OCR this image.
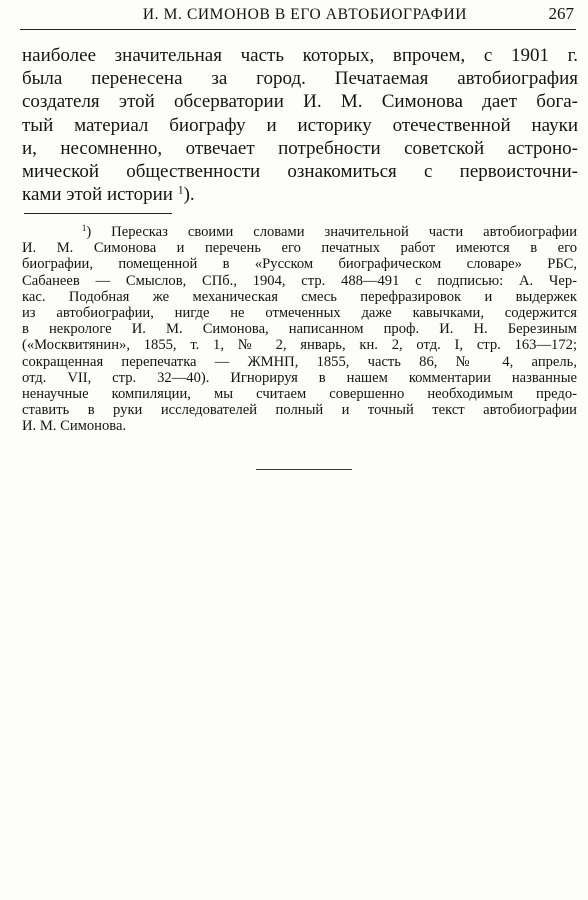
И. М. СИМОНОВ В ЕГО АВТОБИОГРАФИИ	267
наиболее значительная часть которых, впрочем, с 1901 г.
была перенесена за город. Печатаемая автобиография
создателя этой обсерватории И. М. Симонова дает бога-
тый материал биографу и историку отечественной науки
и, несомненно, отвечает потребности советской астроно-
мической общественности ознакомиться с первоисточни-
ками этой истории $^1$).
$^1$) Пересказ своими словами значительной части автобиографии
И. М. Симонова и перечень его печатных работ имеются в его
биографии, помещенной в «Русском биографическом словаре» РБС,
Сабанеев — Смыслов, СПб., 1904, стр. 488—491 с подписью: А. Чер-
кас. Подобная же механическая смесь перефразировок и выдержек
из автобиографии, нигде не отмеченных даже кавычками, содержится
в некрологе И. М. Симонова, написанном проф. И. Н. Березиным
(«Москвитянин», 1855, т. 1, № 2, январь, кн. 2, отд. I, стр. 163—172;
сокращенная перепечатка — ЖМНП, 1855, часть 86, № 4, апрель,
отд. VII, стр. 32—40). Игнорируя в нашем комментарии названные
ненаучные компиляции, мы считаем совершенно необходимым предо-
ставить в руки исследователей полный и точный текст автобиографии
И. М. Симонова.
